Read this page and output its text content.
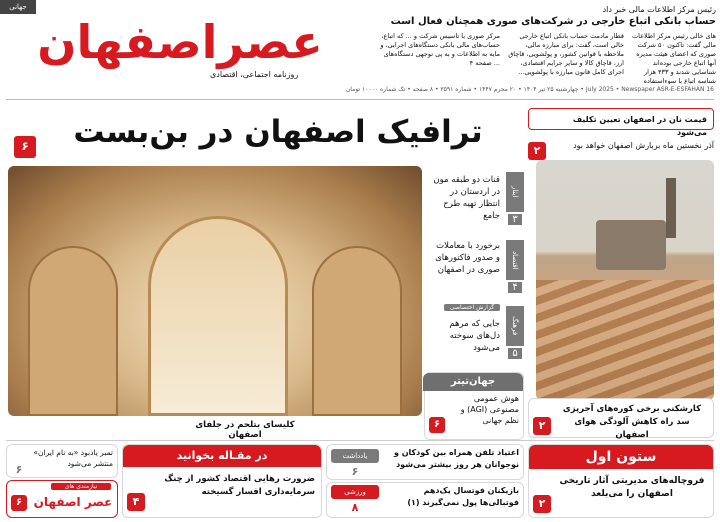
جهانی
عصراصفهان
روزنامه اجتماعی، اقتصادی
رئیس مرکز اطلاعات مالی خبر داد
حساب بانکی اتباع خارجی در شرکت‌های صوری همچنان فعال است
های خالی رئیس مرکز اطلاعات مالی گفت: تاکنون ۵۰ شرکت صوری که اعضای هیئت مدیره آنها اتباع خارجی بوده‌اند شناسایی شدند و ۴۳۳ هزار شناسه اتباع با سوءاستفاده
قطار مادمت حساب بانکی اتباع خارجی خالی است، گفت: برای مبارزه مالی، ملاحظه با قوانین کشور، و پولشویی، قاچاق ارز، قاچاق کالا و سایر جرایم اقتصادی، اجرای کامل قانون مبارزه با پولشویی...
مرکز صوری با تاسیس شرکت و ... که اتباع، حساب‌های مالی بانکی دستگاه‌های اجرایی، و مایه به اطلاعات و به پی توجهی دستگاه‌های ... صفحه ۴
16 July 2025 • Newspaper ASR-E-ESFAHAN • چهارشنبه ۲۵ تیر ۱۴۰۴ • ۲۰ محرم ۱۴۴۷ • شماره ۳۵۹۱ • ۸ صفحه • تک شماره ۱۰۰۰۰ تومان
ترافیک اصفهان در بن‌بست
۶
قیمت نان در اصفهان تعیین تکلیف می‌شود
۲	آذر نخستین ماه بربارش اصفهان خواهد بود
کارشکنی برخی کوره‌های آجرپزی سد راه کاهش آلودگی هوای اصفهان
۲
قنات دو طبقه مون در اردستان در انتظار تهیه طرح جامع
ایثار
۳
برخورد با معاملات و صدور فاکتورهای صوری در اصفهان
اقتصاد
۴
گزارش اختصاصی
جایی که مرهم دل‌های سوخته می‌شود
فرهنگ
۵
کلیسای بتلحم در جلفای اصفهان
جهان‌تیتر
هوش عمومی مصنوعی (AGI) و نظم جهانی
۶
ستون اول
فروچاله‌های مدیریتی آثار تاریخی اصفهان را می‌بلعد
۲
اعتیاد تلفن همراه بین کودکان و نوجوانان هر روز بیشتر می‌شود
یادداشت
۶
بازیکنان فوتسال یک‌دهم فوتبالی‌ها پول نمی‌گیرند (۱)
ورزشی
۸
در مقـاله بخوانید
ضرورت رهایی اقتصاد کشور از چنگ سرمایه‌داری افسار گسیخته
۴
تمبر یادبود «به نام ایران» منتشر می‌شود
۶
نیازمندی های
عصر اصفهان
۶
